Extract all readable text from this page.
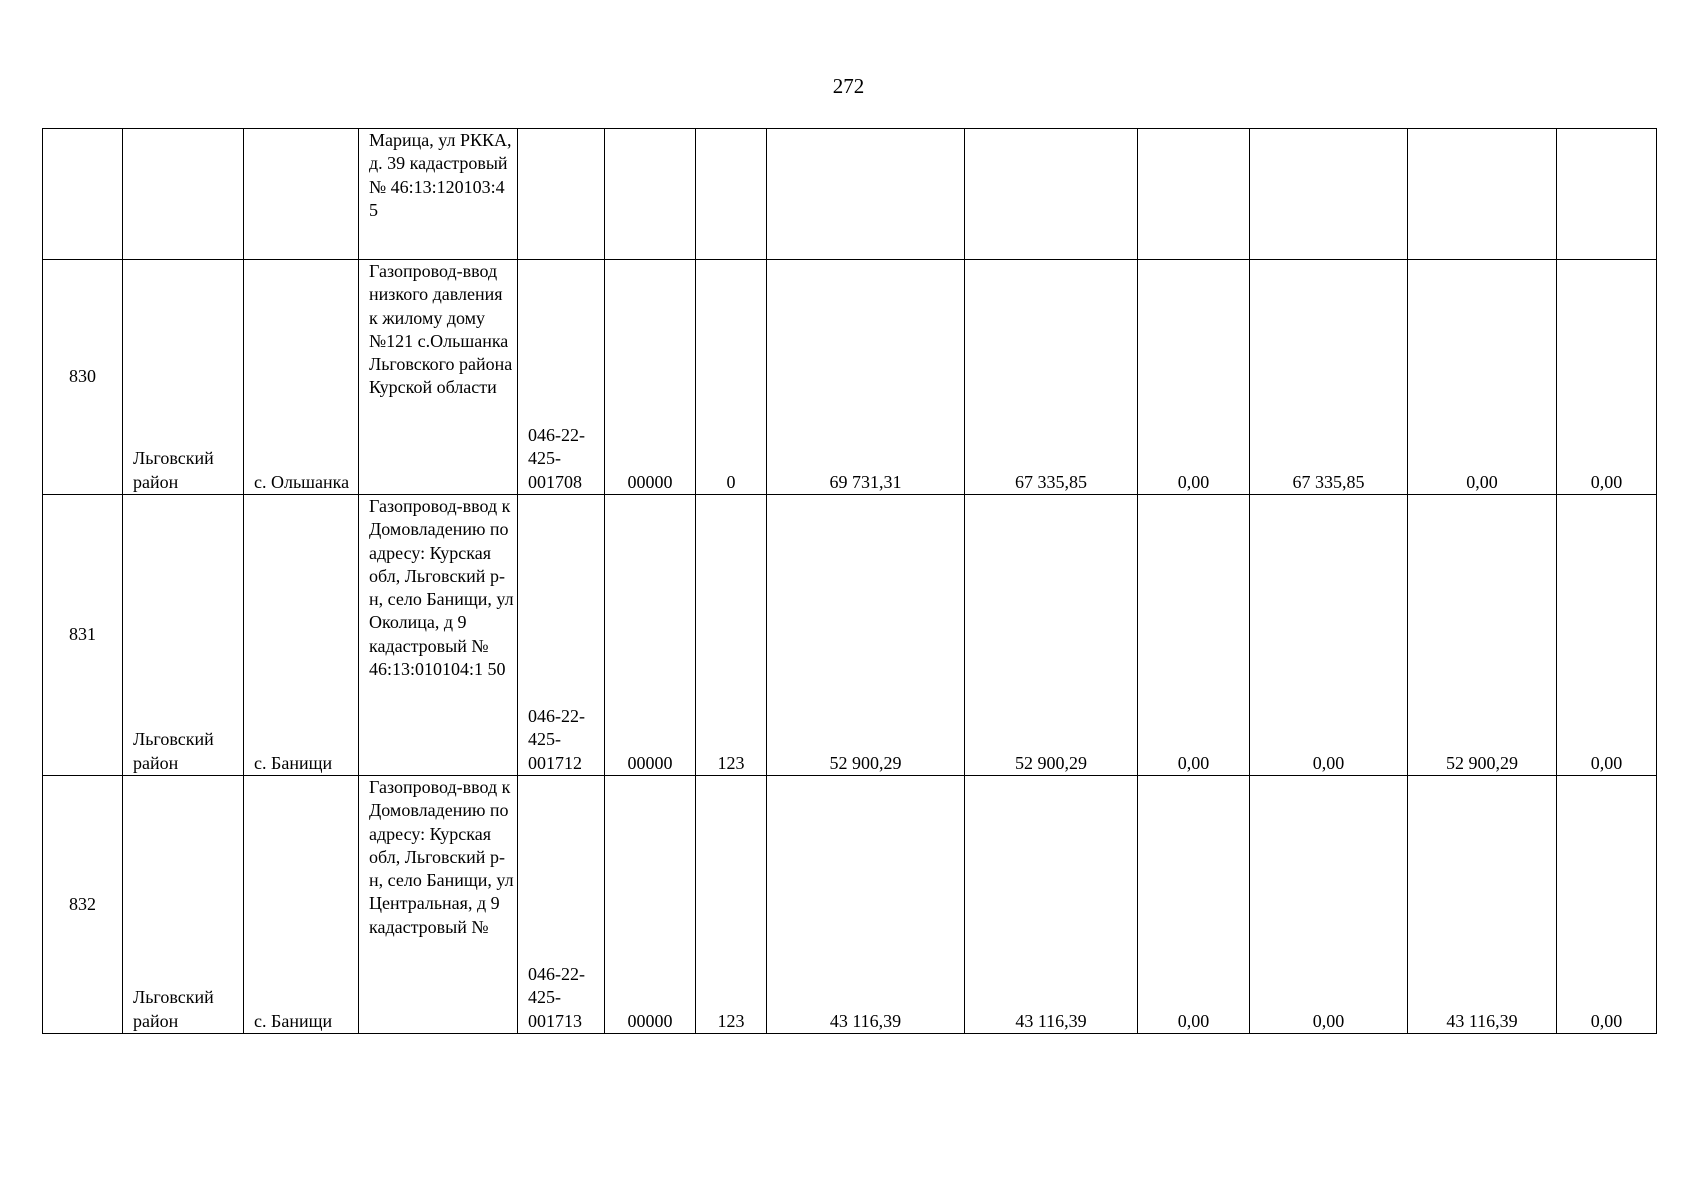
272
			Марица, ул РККА, д. 39 кадастровый № 46:13:120103:4 5									
830	Льговский район	с. Ольшанка	Газопровод-ввод низкого давления к жилому дому №121 с.Ольшанка Льговского района Курской области	046-22-425-001708	00000	0	69 731,31	67 335,85	0,00	67 335,85	0,00	0,00
831	Льговский район	с. Банищи	Газопровод-ввод к Домовладению по адресу: Курская обл, Льговский р-н, село Банищи, ул Околица, д 9 кадастровый № 46:13:010104:1 50	046-22-425-001712	00000	123	52 900,29	52 900,29	0,00	0,00	52 900,29	0,00
832	Льговский район	с. Банищи	Газопровод-ввод к Домовладению по адресу: Курская обл, Льговский р-н, село Банищи, ул Центральная, д 9 кадастровый №	046-22-425-001713	00000	123	43 116,39	43 116,39	0,00	0,00	43 116,39	0,00
